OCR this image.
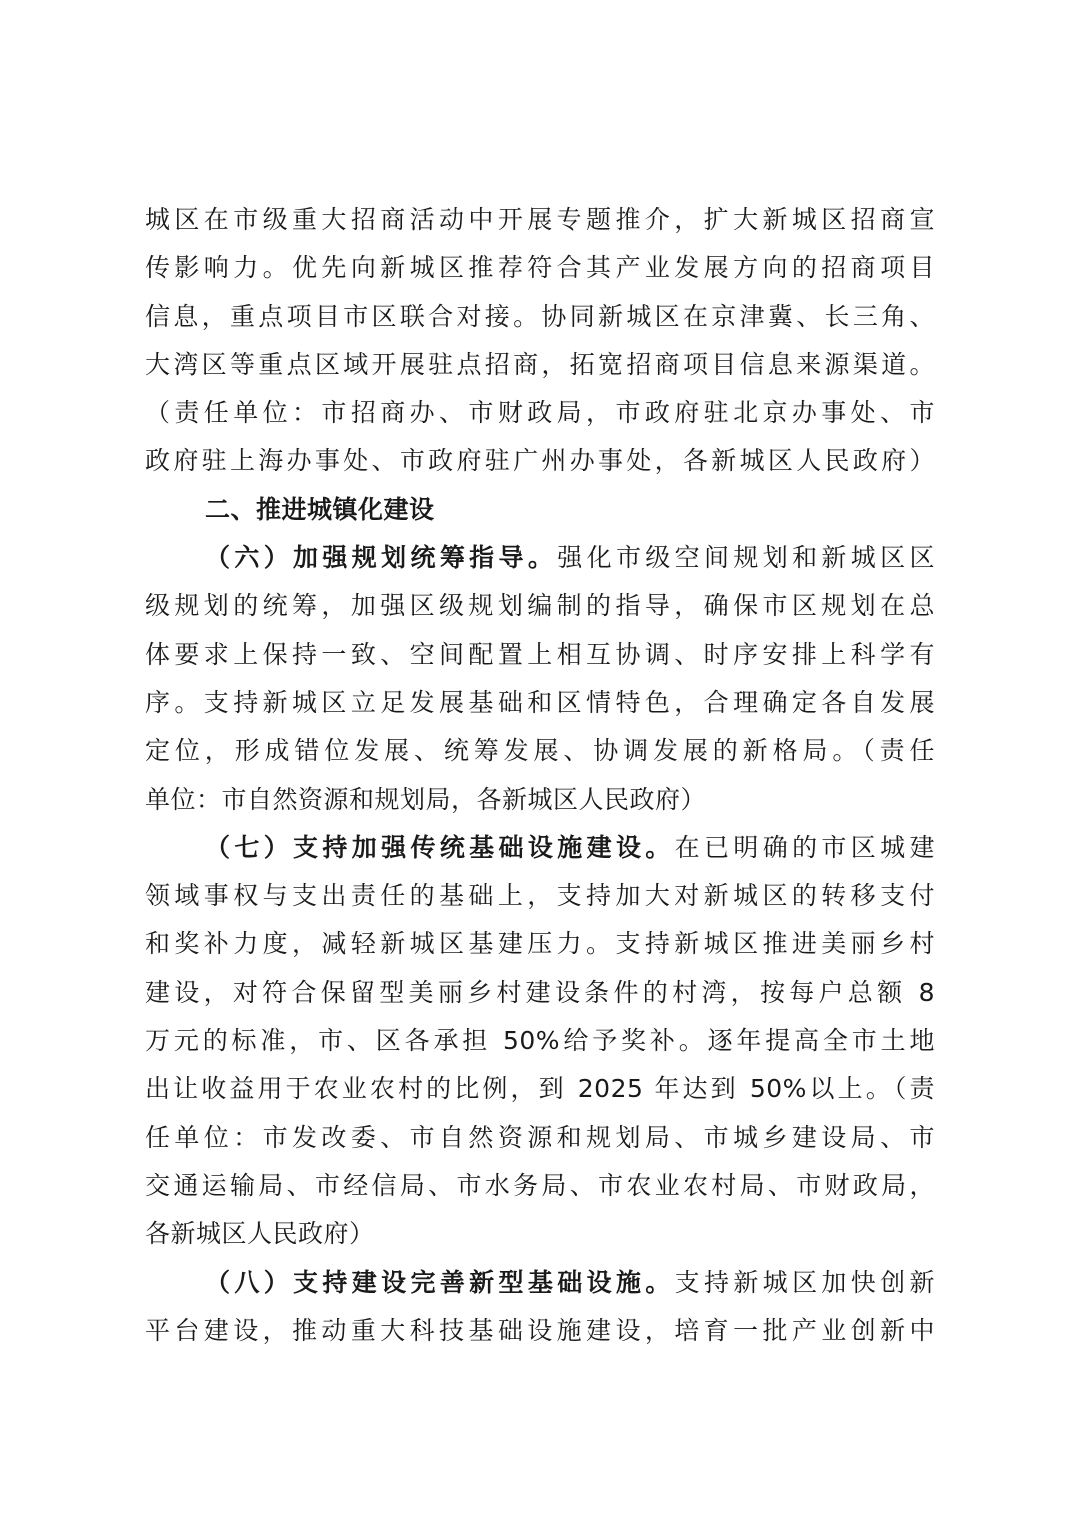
城区在市级重大招商活动中开展专题推介，扩大新城区招商宣
传影响力。优先向新城区推荐符合其产业发展方向的招商项目
信息，重点项目市区联合对接。协同新城区在京津冀、长三角、
大湾区等重点区域开展驻点招商，拓宽招商项目信息来源渠道。
（责任单位：市招商办、市财政局，市政府驻北京办事处、市
政府驻上海办事处、市政府驻广州办事处，各新城区人民政府）
二、推进城镇化建设
（六）加强规划统筹指导。强化市级空间规划和新城区区
级规划的统筹，加强区级规划编制的指导，确保市区规划在总
体要求上保持一致、空间配置上相互协调、时序安排上科学有
序。支持新城区立足发展基础和区情特色，合理确定各自发展
定位，形成错位发展、统筹发展、协调发展的新格局。（责任
单位：市自然资源和规划局，各新城区人民政府）
（七）支持加强传统基础设施建设。在已明确的市区城建
领域事权与支出责任的基础上，支持加大对新城区的转移支付
和奖补力度，减轻新城区基建压力。支持新城区推进美丽乡村
建设，对符合保留型美丽乡村建设条件的村湾，按每户总额 8
万元的标准，市、区各承担 50%给予奖补。逐年提高全市土地
出让收益用于农业农村的比例，到 2025 年达到 50%以上。（责
任单位：市发改委、市自然资源和规划局、市城乡建设局、市
交通运输局、市经信局、市水务局、市农业农村局、市财政局，
各新城区人民政府）
（八）支持建设完善新型基础设施。支持新城区加快创新
平台建设，推动重大科技基础设施建设，培育一批产业创新中
